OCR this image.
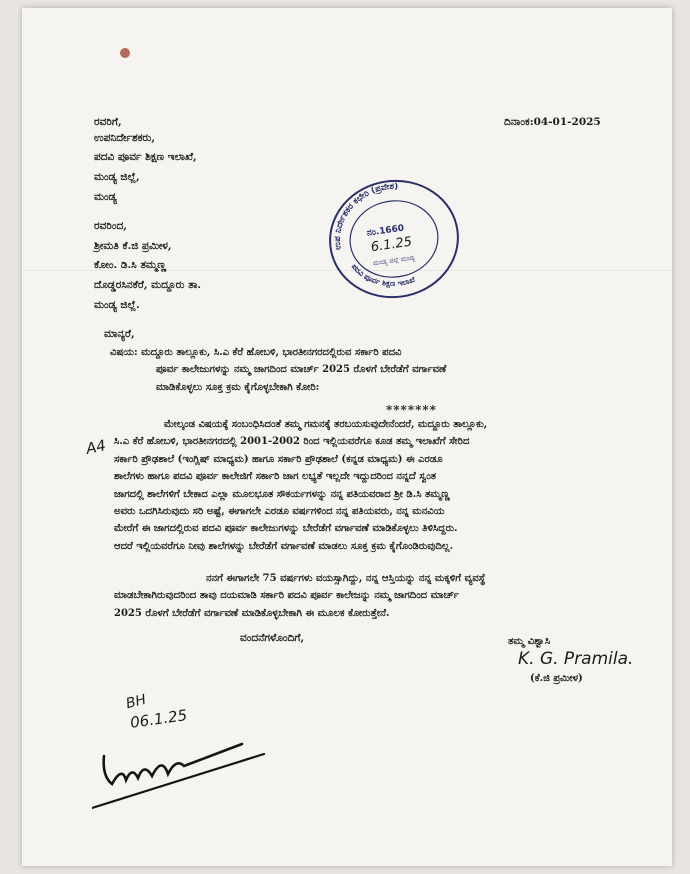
ದಿನಾಂಕ:04-01-2025
ರವರಿಗೆ,
ಉಪನಿರ್ದೇಶಕರು,
ಪದವಿ ಪೂರ್ವ ಶಿಕ್ಷಣ ಇಲಾಖೆ,
ಮಂಡ್ಯ ಜಿಲ್ಲೆ,
ಮಂಡ್ಯ
ರವರಿಂದ,
ಶ್ರೀಮತಿ ಕೆ.ಜಿ ಪ್ರಮೀಳ,
ಕೋಂ. ಡಿ.ಸಿ ತಮ್ಮಣ್ಣ
ದೊಡ್ಡರಸಿನಕೆರೆ, ಮದ್ದೂರು ತಾ.
ಮಂಡ್ಯ ಜಿಲ್ಲೆ.
ಉಪ ನಿರ್ದೇಶಕರ ಕಛೇರಿ (ಪ್ರವೇಶ)
ಪದವಿ ಪೂರ್ವ ಶಿಕ್ಷಣ ಇಲಾಖೆ
ನಂ.1660
6.1.25
ಮಂಡ್ಯ ಜಿಲ್ಲೆ ಮಂಡ್ಯ
ಮಾನ್ಯರೆ,
ವಿಷಯ: ಮದ್ದೂರು ತಾಲ್ಲೂಕು, ಸಿ.ಎ ಕೆರೆ ಹೋಬಳಿ, ಭಾರತೀನಗರದಲ್ಲಿರುವ ಸರ್ಕಾರಿ ಪದವಿ
ಪೂರ್ವ ಕಾಲೇಜುಗಳನ್ನು ನಮ್ಮ ಜಾಗದಿಂದ ಮಾರ್ಚ್ 2025 ರೊಳಗೆ ಬೇರೆಡೆಗೆ ವರ್ಗಾವಣೆ
ಮಾಡಿಕೊಳ್ಳಲು ಸೂಕ್ತ ಕ್ರಮ ಕೈಗೊಳ್ಳಬೇಕಾಗಿ ಕೋರಿ:
*******
A4
ಮೇಲ್ಕಂಡ ವಿಷಯಕ್ಕೆ ಸಂಬಂಧಿಸಿದಂತೆ ತಮ್ಮ ಗಮನಕ್ಕೆ ತರಬಯಸುವುದೇನೆಂದರೆ, ಮದ್ದೂರು ತಾಲ್ಲೂಕು,
ಸಿ.ಎ ಕೆರೆ ಹೋಬಳಿ, ಭಾರತೀನಗರದಲ್ಲಿ 2001-2002 ರಿಂದ ಇಲ್ಲಿಯವರೆಗೂ ಕೂಡ ತಮ್ಮ ಇಲಾಖೆಗೆ ಸೇರಿದ
ಸರ್ಕಾರಿ ಪ್ರೌಢಶಾಲೆ (ಇಂಗ್ಲಿಷ್ ಮಾಧ್ಯಮ) ಹಾಗೂ ಸರ್ಕಾರಿ ಪ್ರೌಢಶಾಲೆ (ಕನ್ನಡ ಮಾಧ್ಯಮ) ಈ ಎರಡೂ
ಶಾಲೆಗಳು ಹಾಗೂ ಪದವಿ ಪೂರ್ವ ಕಾಲೇಜಿಗೆ ಸರ್ಕಾರಿ ಜಾಗ ಲಭ್ಯತೆ ಇಲ್ಲದೇ ಇದ್ದುದರಿಂದ ನನ್ನದೆ ಸ್ವಂತ
ಜಾಗದಲ್ಲಿ ಶಾಲೆಗಳಿಗೆ ಬೇಕಾದ ಎಲ್ಲಾ ಮೂಲಭೂತ ಸೌಕರ್ಯಗಳನ್ನು ನನ್ನ ಪತಿಯವರಾದ ಶ್ರೀ ಡಿ.ಸಿ ತಮ್ಮಣ್ಣ
ಅವರು ಒದಗಿಸಿರುವುದು ಸರಿ ಅಷ್ಟೆ, ಈಗಾಗಲೇ ಎರಡೂ ವರ್ಷಗಳಿಂದ ನನ್ನ ಪತಿಯವರು, ನನ್ನ ಮನವಿಯ
ಮೇರೆಗೆ ಈ ಜಾಗದಲ್ಲಿರುವ ಪದವಿ ಪೂರ್ವ ಕಾಲೇಜುಗಳನ್ನು ಬೇರೆಡೆಗೆ ವರ್ಗಾವಣೆ ಮಾಡಿಕೊಳ್ಳಲು ತಿಳಿಸಿದ್ದರು.
ಆದರೆ ಇಲ್ಲಿಯವರೆಗೂ ನೀವು ಶಾಲೆಗಳನ್ನು ಬೇರೆಡೆಗೆ ವರ್ಗಾವಣೆ ಮಾಡಲು ಸೂಕ್ತ ಕ್ರಮ ಕೈಗೊಂಡಿರುವುದಿಲ್ಲ.
ನನಗೆ ಈಗಾಗಲೇ 75 ವರ್ಷಗಳು ವಯಸ್ಸಾಗಿದ್ದು, ನನ್ನ ಆಸ್ತಿಯನ್ನು ನನ್ನ ಮಕ್ಕಳಿಗೆ ವ್ಯವಸ್ಥೆ
ಮಾಡಬೇಕಾಗಿರುವುದರಿಂದ ತಾವು ದಯಮಾಡಿ ಸರ್ಕಾರಿ ಪದವಿ ಪೂರ್ವ ಕಾಲೇಜನ್ನು ನಮ್ಮ ಜಾಗದಿಂದ ಮಾರ್ಚ್
2025 ರೊಳಗೆ ಬೇರೆಡೆಗೆ ವರ್ಗಾವಣೆ ಮಾಡಿಕೊಳ್ಳಬೇಕಾಗಿ ಈ ಮೂಲಕ ಕೋರುತ್ತೇನೆ.
ವಂದನೆಗಳೊಂದಿಗೆ,	ತಮ್ಮ ವಿಶ್ವಾಸಿ
K. G. Pramila.
(ಕೆ.ಜಿ ಪ್ರಮೀಳ)
BH
06.1.25
